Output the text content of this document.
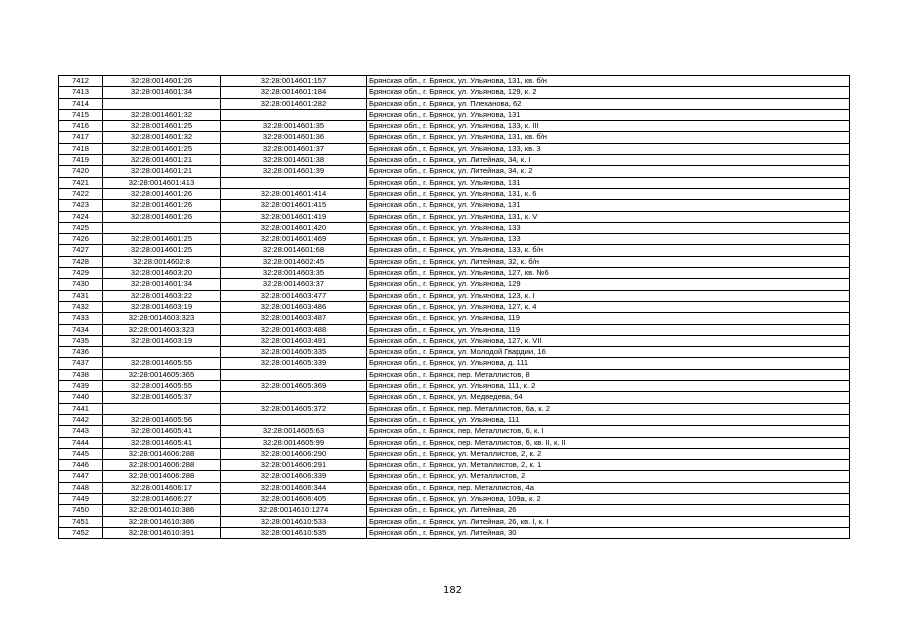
7412	32:28:0014601:26	32:28:0014601:157	Брянская обл., г. Брянск, ул. Ульянова, 131, кв. б/н
7413	32:28:0014601:34	32:28:0014601:184	Брянская обл., г. Брянск, ул. Ульянова, 129, к. 2
7414		32:28:0014601:282	Брянская обл., г. Брянск, ул. Плеханова, 62
7415	32:28:0014601:32		Брянская обл., г. Брянск, ул. Ульянова, 131
7416	32:28:0014601:25	32:28:0014601:35	Брянская обл., г. Брянск, ул. Ульянова, 133, к. III
7417	32:28:0014601:32	32:28:0014601:36	Брянская обл., г. Брянск, ул. Ульянова, 131, кв. б/н
7418	32:28:0014601:25	32:28:0014601:37	Брянская обл., г. Брянск, ул. Ульянова, 133, кв. 3
7419	32:28:0014601:21	32:28:0014601:38	Брянская обл., г. Брянск, ул. Литейная, 34, к. I
7420	32:28:0014601:21	32:28:0014601:39	Брянская обл., г. Брянск, ул. Литейная, 34, к. 2
7421	32:28:0014601:413		Брянская обл., г. Брянск, ул. Ульянова, 131
7422	32:28:0014601:26	32:28:0014601:414	Брянская обл., г. Брянск, ул. Ульянова, 131, к. 6
7423	32:28:0014601:26	32:28:0014601:415	Брянская обл., г. Брянск, ул. Ульянова, 131
7424	32:28:0014601:26	32:28:0014601:419	Брянская обл., г. Брянск, ул. Ульянова, 131, к. V
7425		32:28:0014601:420	Брянская обл., г. Брянск, ул. Ульянова, 133
7426	32:28:0014601:25	32:28:0014601:469	Брянская обл., г. Брянск, ул. Ульянова, 133
7427	32:28:0014601:25	32:28:0014601:68	Брянская обл., г. Брянск, ул. Ульянова, 133, к. б/н
7428	32:28:0014602:8	32:28:0014602:45	Брянская обл., г. Брянск, ул. Литейная, 32, к. б/н
7429	32:28:0014603:20	32:28:0014603:35	Брянская обл., г. Брянск, ул. Ульянова, 127, кв. №6
7430	32:28:0014601:34	32:28:0014603:37	Брянская обл., г. Брянск, ул. Ульянова, 129
7431	32:28:0014603:22	32:28:0014603:477	Брянская обл., г. Брянск, ул. Ульянова, 123, к. I
7432	32:28:0014603:19	32:28:0014603:486	Брянская обл., г. Брянск, ул. Ульянова, 127, к. 4
7433	32:28:0014603:323	32:28:0014603:487	Брянская обл., г. Брянск, ул. Ульянова, 119
7434	32:28:0014603:323	32:28:0014603:488	Брянская обл., г. Брянск, ул. Ульянова, 119
7435	32:28:0014603:19	32:28:0014603:491	Брянская обл., г. Брянск, ул. Ульянова, 127, к. VII
7436		32:28:0014605:335	Брянская обл., г. Брянск, ул. Молодой Гвардии, 16
7437	32:28:0014605:55	32:28:0014605:339	Брянская обл., г. Брянск, ул. Ульянова, д. 111
7438	32:28:0014605:365		Брянская обл., г. Брянск, пер. Металлистов, 8
7439	32:28:0014605:55	32:28:0014605:369	Брянская обл., г. Брянск, ул. Ульянова, 111, к. 2
7440	32:28:0014605:37		Брянская обл., г. Брянск, ул. Медведева, 64
7441		32:28:0014605:372	Брянская обл., г. Брянск, пер. Металлистов, 6а, к. 2
7442	32:28:0014605:56		Брянская обл., г. Брянск, ул. Ульянова, 111
7443	32:28:0014605:41	32:28:0014605:63	Брянская обл., г. Брянск, пер. Металлистов, 6, к. I
7444	32:28:0014605:41	32:28:0014605:99	Брянская обл., г. Брянск, пер. Металлистов, 6, кв. II, к. II
7445	32:28:0014606:288	32:28:0014606:290	Брянская обл., г. Брянск, ул. Металлистов, 2, к. 2
7446	32:28:0014606:288	32:28:0014606:291	Брянская обл., г. Брянск, ул. Металлистов, 2, к. 1
7447	32:28:0014606:288	32:28:0014606:339	Брянская обл., г. Брянск, ул. Металлистов, 2
7448	32:28:0014606:17	32:28:0014606:344	Брянская обл., г. Брянск, пер. Металлистов, 4а
7449	32:28:0014606:27	32:28:0014606:405	Брянская обл., г. Брянск, ул. Ульянова, 109а, к. 2
7450	32:28:0014610:386	32:28:0014610:1274	Брянская обл., г. Брянск, ул. Литейная, 26
7451	32:28:0014610:386	32:28:0014610:533	Брянская обл., г. Брянск, ул. Литейная, 26, кв. I, к. I
7452	32:28:0014610:391	32:28:0014610:535	Брянская обл., г. Брянск, ул. Литейная, 30
182
